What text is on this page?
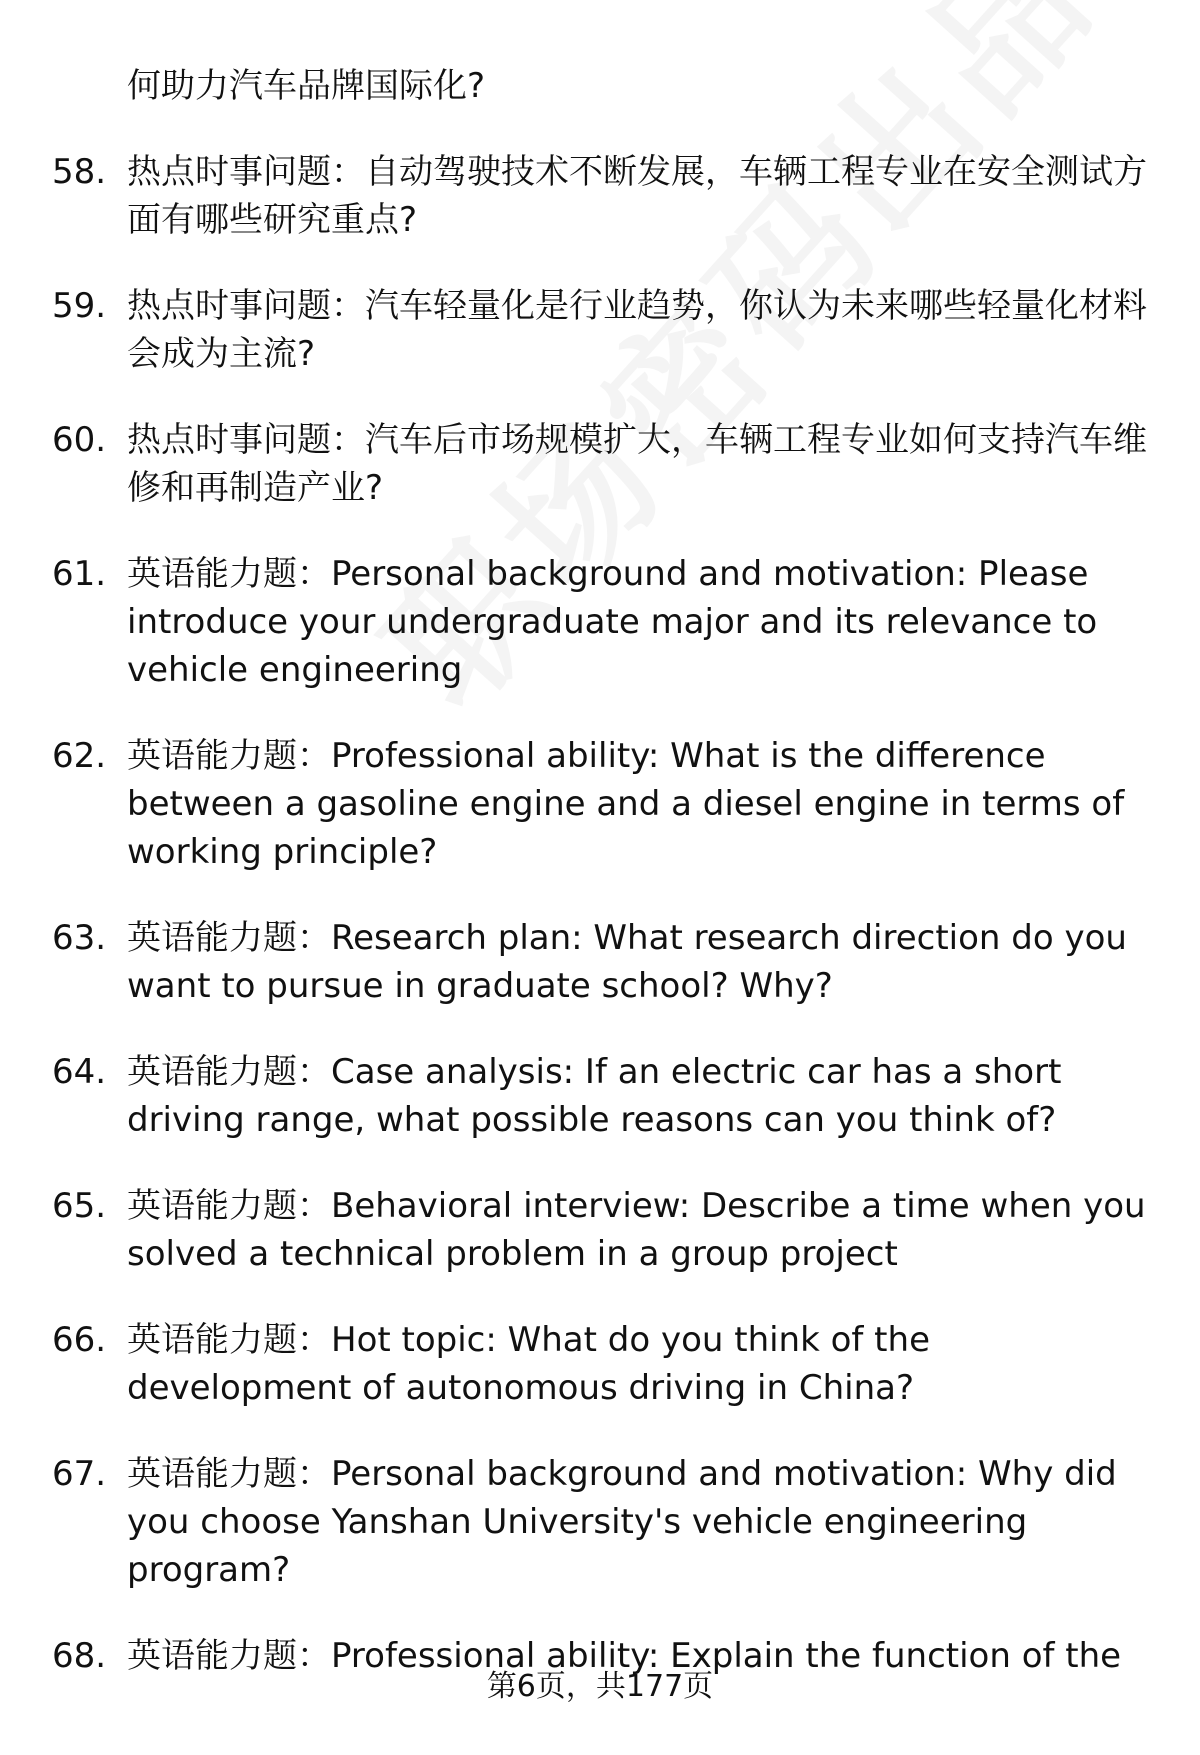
何助力汽车品牌国际化?
58. 热点时事问题：自动驾驶技术不断发展，车辆工程专业在安全测试方面有哪些研究重点?
59. 热点时事问题：汽车轻量化是行业趋势，你认为未来哪些轻量化材料会成为主流?
60. 热点时事问题：汽车后市场规模扩大，车辆工程专业如何支持汽车维修和再制造产业?
61. 英语能力题：Personal background and motivation: Please introduce your undergraduate major and its relevance to vehicle engineering
62. 英语能力题：Professional ability: What is the difference between a gasoline engine and a diesel engine in terms of working principle?
63. 英语能力题：Research plan: What research direction do you want to pursue in graduate school? Why?
64. 英语能力题：Case analysis: If an electric car has a short driving range, what possible reasons can you think of?
65. 英语能力题：Behavioral interview: Describe a time when you solved a technical problem in a group project
66. 英语能力题：Hot topic: What do you think of the development of autonomous driving in China?
67. 英语能力题：Personal background and motivation: Why did you choose Yanshan University's vehicle engineering program?
68. 英语能力题：Professional ability: Explain the function of the
第6页，共177页
